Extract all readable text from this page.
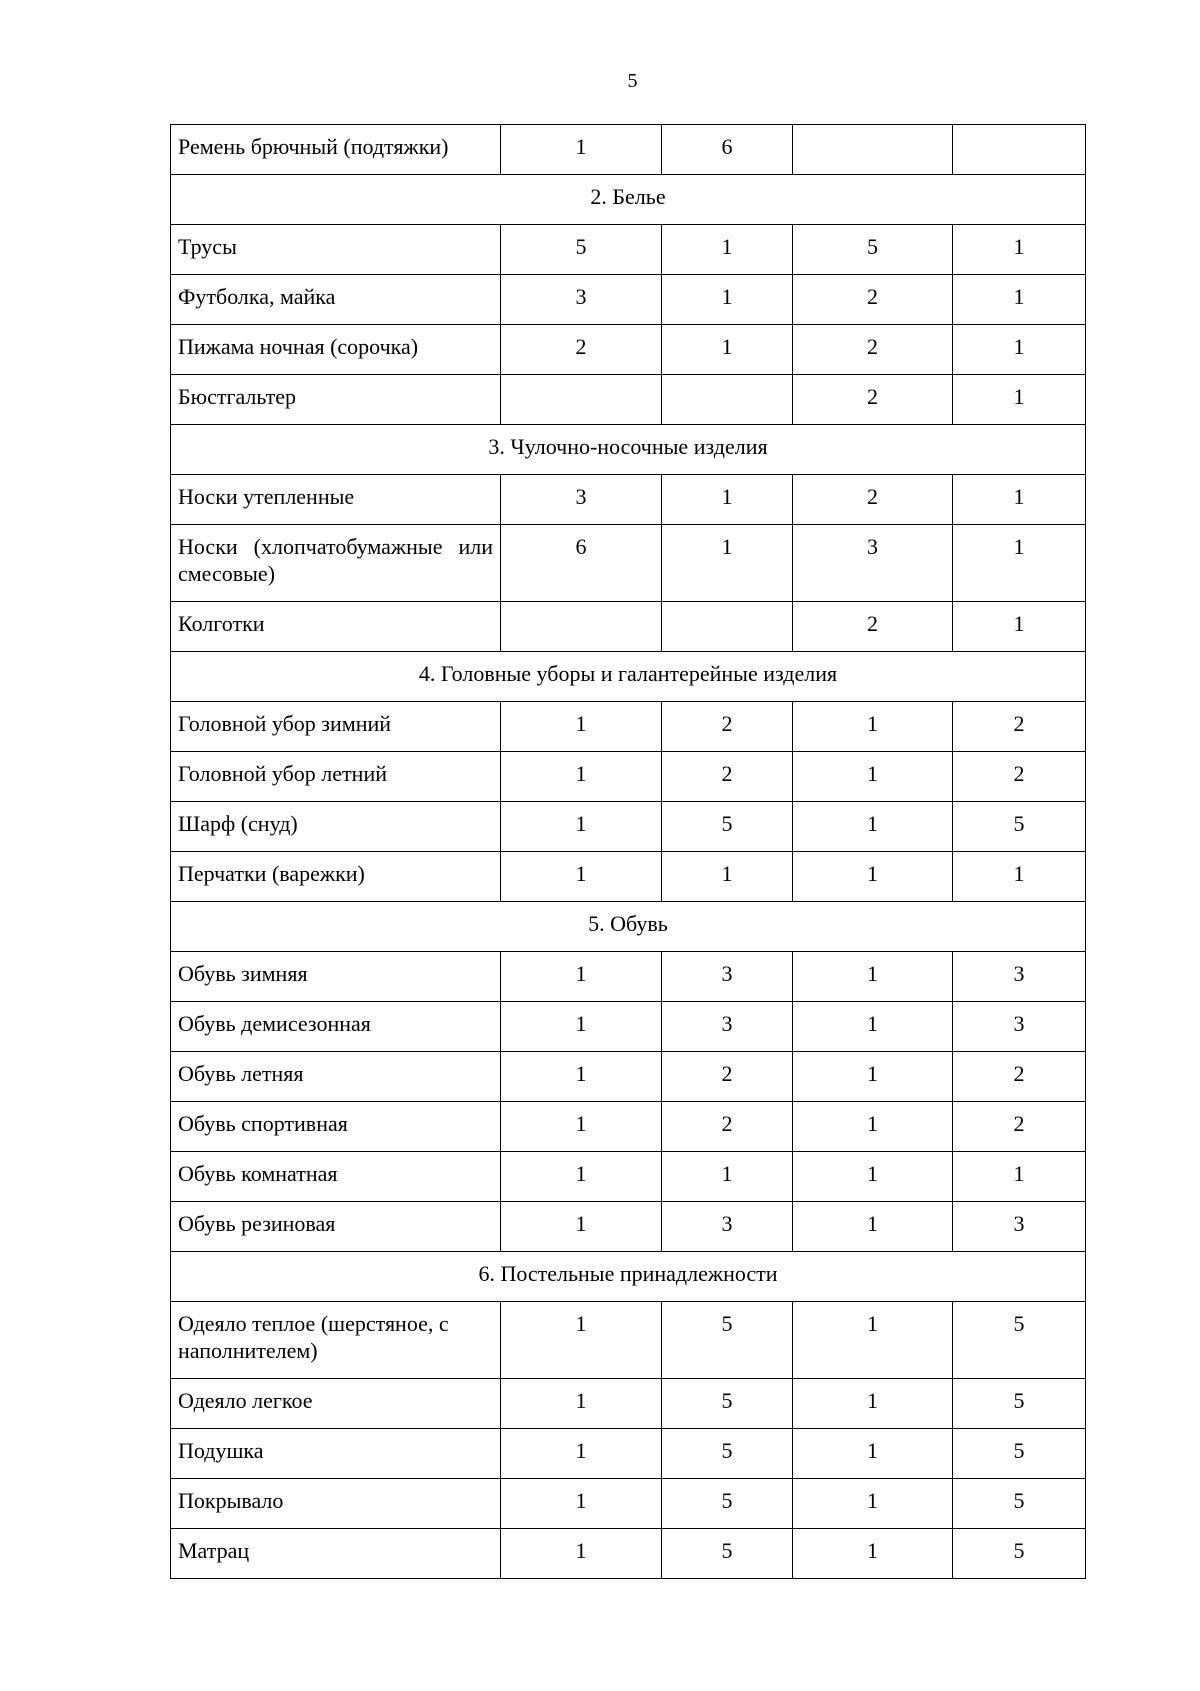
5
Ремень брючный (подтяжки)	1	6		
2. Белье				
Трусы	5	1	5	1
Футболка, майка	3	1	2	1
Пижама ночная (сорочка)	2	1	2	1
Бюстгальтер			2	1
3. Чулочно-носочные изделия				
Носки утепленные	3	1	2	1
Носки (хлопчатобумажные или смесовые)	6	1	3	1
Колготки			2	1
4. Головные уборы и галантерейные изделия				
Головной убор зимний	1	2	1	2
Головной убор летний	1	2	1	2
Шарф (снуд)	1	5	1	5
Перчатки (варежки)	1	1	1	1
5. Обувь				
Обувь зимняя	1	3	1	3
Обувь демисезонная	1	3	1	3
Обувь летняя	1	2	1	2
Обувь спортивная	1	2	1	2
Обувь комнатная	1	1	1	1
Обувь резиновая	1	3	1	3
6. Постельные принадлежности				
Одеяло теплое (шерстяное, с наполнителем)	1	5	1	5
Одеяло легкое	1	5	1	5
Подушка	1	5	1	5
Покрывало	1	5	1	5
Матрац	1	5	1	5
